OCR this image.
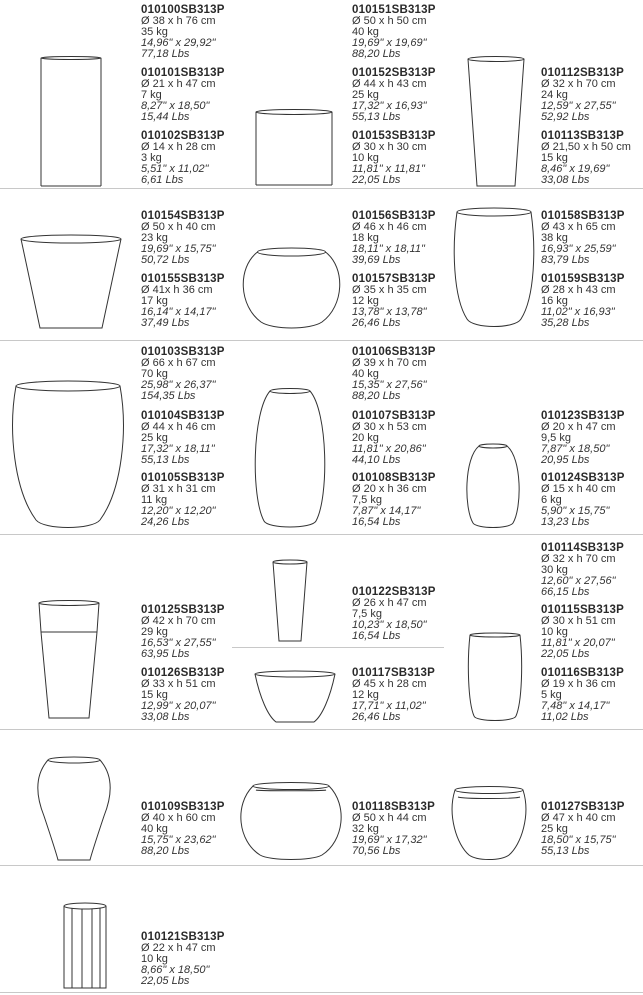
010100SB313P
Ø 38 x h 76 cm
35 kg
14,96" x 29,92"
77,18 Lbs
010101SB313P
Ø 21 x h 47 cm
7 kg
8,27" x 18,50"
15,44 Lbs
010102SB313P
Ø 14 x h 28 cm
3 kg
5,51" x 11,02"
6,61 Lbs
010151SB313P
Ø 50 x h 50 cm
40 kg
19,69" x 19,69"
88,20 Lbs
010152SB313P
Ø 44 x h 43 cm
25 kg
17,32" x 16,93"
55,13 Lbs
010153SB313P
Ø 30 x h 30 cm
10 kg
11,81" x 11,81"
22,05 Lbs
010112SB313P
Ø 32 x h 70 cm
24 kg
12,59" x 27,55"
52,92 Lbs
010113SB313P
Ø 21,50 x h 50 cm
15 kg
8,46" x 19,69"
33,08 Lbs
010154SB313P
Ø 50 x h 40 cm
23 kg
19,69" x 15,75"
50,72 Lbs
010155SB313P
Ø 41x h 36 cm
17 kg
16,14" x 14,17"
37,49 Lbs
010156SB313P
Ø 46 x h 46 cm
18 kg
18,11" x 18,11"
39,69 Lbs
010157SB313P
Ø 35 x h 35 cm
12 kg
13,78" x 13,78"
26,46 Lbs
010158SB313P
Ø 43 x h 65 cm
38 kg
16,93" x 25,59"
83,79 Lbs
010159SB313P
Ø 28 x h 43 cm
16 kg
11,02" x 16,93"
35,28 Lbs
010103SB313P
Ø 66 x h 67 cm
70 kg
25,98" x 26,37"
154,35 Lbs
010104SB313P
Ø 44 x h 46 cm
25 kg
17,32" x 18,11"
55,13 Lbs
010105SB313P
Ø 31 x h 31 cm
11 kg
12,20" x 12,20"
24,26 Lbs
010106SB313P
Ø 39 x h 70 cm
40 kg
15,35" x 27,56"
88,20 Lbs
010107SB313P
Ø 30 x h 53 cm
20 kg
11,81" x 20,86"
44,10 Lbs
010108SB313P
Ø 20 x h 36 cm
7,5 kg
7,87" x 14,17"
16,54 Lbs
010123SB313P
Ø 20 x h 47 cm
9,5 kg
7,87" x 18,50"
20,95 Lbs
010124SB313P
Ø 15 x h 40 cm
6 kg
5,90" x 15,75"
13,23 Lbs
010125SB313P
Ø 42 x h 70 cm
29 kg
16,53" x 27,55"
63,95 Lbs
010126SB313P
Ø 33 x h 51 cm
15 kg
12,99" x 20,07"
33,08 Lbs
010122SB313P
Ø 26 x h 47 cm
7,5 kg
10,23" x 18,50"
16,54 Lbs
010117SB313P
Ø 45 x h 28 cm
12 kg
17,71" x 11,02"
26,46 Lbs
010114SB313P
Ø 32 x h 70 cm
30 kg
12,60" x 27,56"
66,15 Lbs
010115SB313P
Ø 30 x h 51 cm
10 kg
11,81" x 20,07"
22,05 Lbs
010116SB313P
Ø 19 x h 36 cm
5 kg
7,48" x 14,17"
11,02 Lbs
010109SB313P
Ø 40 x h 60 cm
40 kg
15,75" x 23,62"
88,20 Lbs
010118SB313P
Ø 50 x h 44 cm
32 kg
19,69" x 17,32"
70,56 Lbs
010127SB313P
Ø 47 x h 40 cm
25 kg
18,50" x 15,75"
55,13 Lbs
010121SB313P
Ø 22 x h 47 cm
10 kg
8,66" x 18,50"
22,05 Lbs
